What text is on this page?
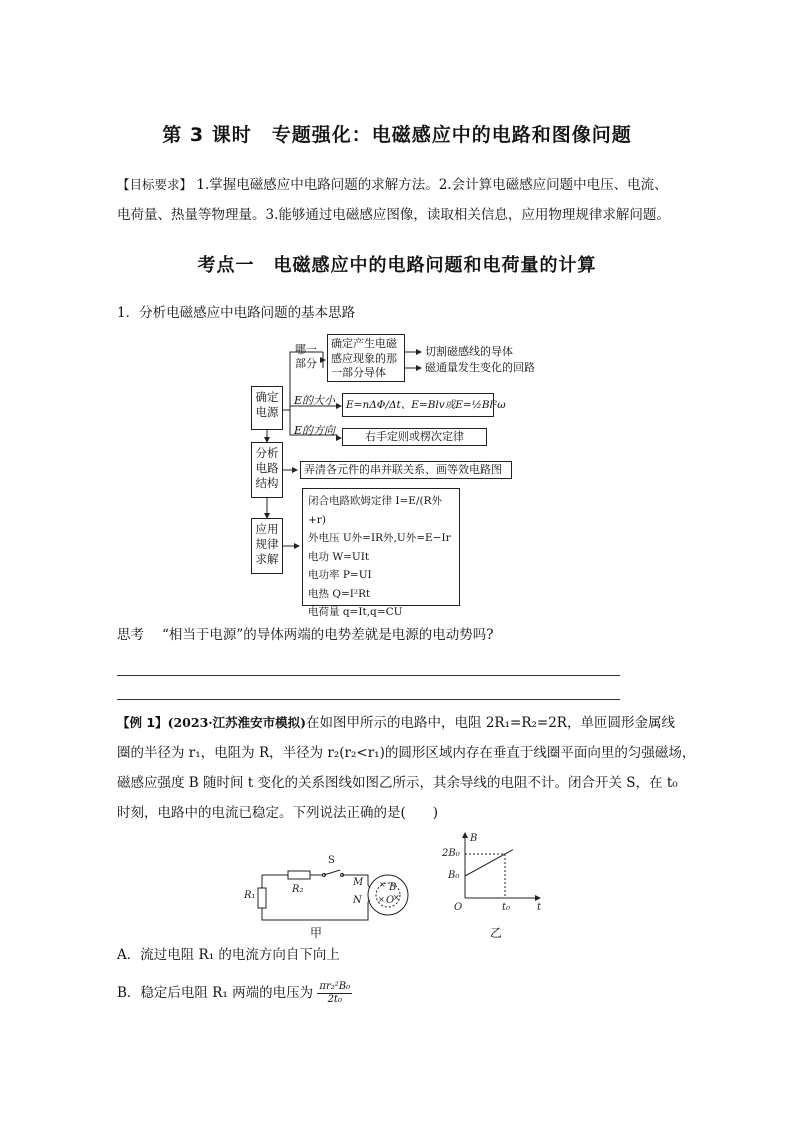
第 3 课时　专题强化：电磁感应中的电路和图像问题
【目标要求】 1.掌握电磁感应中电路问题的求解方法。2.会计算电磁感应问题中电压、电流、
电荷量、热量等物理量。3.能够通过电磁感应图像，读取相关信息，应用物理规律求解问题。
考点一　电磁感应中的电路问题和电荷量的计算
1．分析电磁感应中电路问题的基本思路
确定
电源
分析
电路
结构
应用
规律
求解
哪一
部分
确定产生电磁
感应现象的那
一部分导体
切割磁感线的导体
磁通量发生变化的回路
E的大小	E=nΔΦ/Δt、E=Blv或E=½Bl²ω
E的方向	右手定则或楞次定律
弄清各元件的串并联关系、画等效电路图
闭合电路欧姆定律 I=E/(R外+r)
外电压 U外=IR外,U外=E−Ir
电功 W=UIt
电功率 P=UI
电热 Q=I²Rt
电荷量 q=It,q=CU
思考 “相当于电源”的导体两端的电势差就是电源的电动势吗?
【例 1】(2023·江苏淮安市模拟)在如图甲所示的电路中，电阻 2R₁=R₂=2R，单匝圆形金属线
圈的半径为 r₁，电阻为 R，半径为 r₂(r₂<r₁)的圆形区域内存在垂直于线圈平面向里的匀强磁场，
磁感应强度 B 随时间 t 变化的关系图线如图乙所示，其余导线的电阻不计。闭合开关 S，在 t₀
时刻，电路中的电流已稳定。下列说法正确的是(　　)
R₁
R₂
S
M
N
B
O
×
×
×
甲
B
t
O
2B₀
B₀
t₀
乙
A．流过电阻 R₁ 的电流方向自下向上
B．稳定后电阻 R₁ 两端的电压为 $\frac{\text{πr₂²B₀}}{\text{2t₀}}$
